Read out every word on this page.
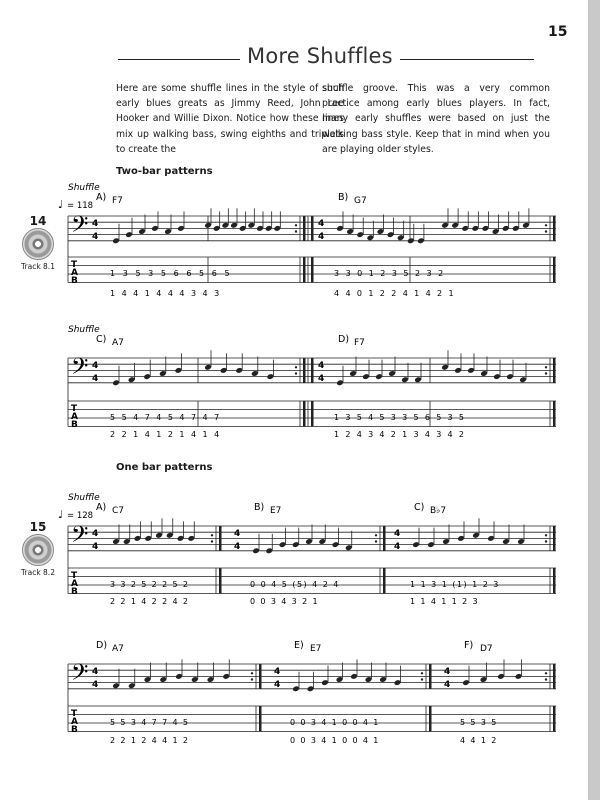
15
More Shuffles
Here are some shuffle lines in the style of such early blues greats as Jimmy Reed, John Lee Hooker and Willie Dixon. Notice how these lines mix up walking bass, swing eighths and triplets to create the
shuffle groove. This was a very common practice among early blues players. In fact, many early shuffles were based on just the walking bass style. Keep that in mind when you are playing older styles.
Two-bar patterns
One bar patterns
14
Track 8.1
15
Track 8.2
𝄢
T
A
B
Shuffle
♩ = 118
A) F7
4
4
1 3 5 3 5 6 6 5 6 5
1 4 4 1 4 4 4 3 4 3
B) G7
4
4
3 3 0 1 2 3 5 2 3 2
4 4 0 1 2 2 4 1 4 2 1
𝄢
T
A
B
Shuffle
C) A7
4
4
5 5 4 7 4 5 4 7 4 7
2 2 1 4 1 2 1 4 1 4
D) F7
4
4
1 3 5 4 5 3 3 5 6 5 3 5
1 2 4 3 4 2 1 3 4 3 4 2
𝄢
T
A
B
Shuffle
♩ = 128
A) C7
4
4
3 3 2 5 2 2 5 2
2 2 1 4 2 2 4 2
B) E7
4
4
0 0 4 5 (5) 4 2 4
0 0 3 4 3 2 1
C) B♭7
4
4
1 1 3 1 (1) 1 2 3
1 1 4 1 1 2 3
𝄢
T
A
B
D) A7
4
4
5 5 3 4 7 7 4 5
2 2 1 2 4 4 1 2
E) E7
4
4
0 0 3 4 1 0 0 4 1
0 0 3 4 1 0 0 4 1
F) D7
4
4
5 5 3 5
4 4 1 2
